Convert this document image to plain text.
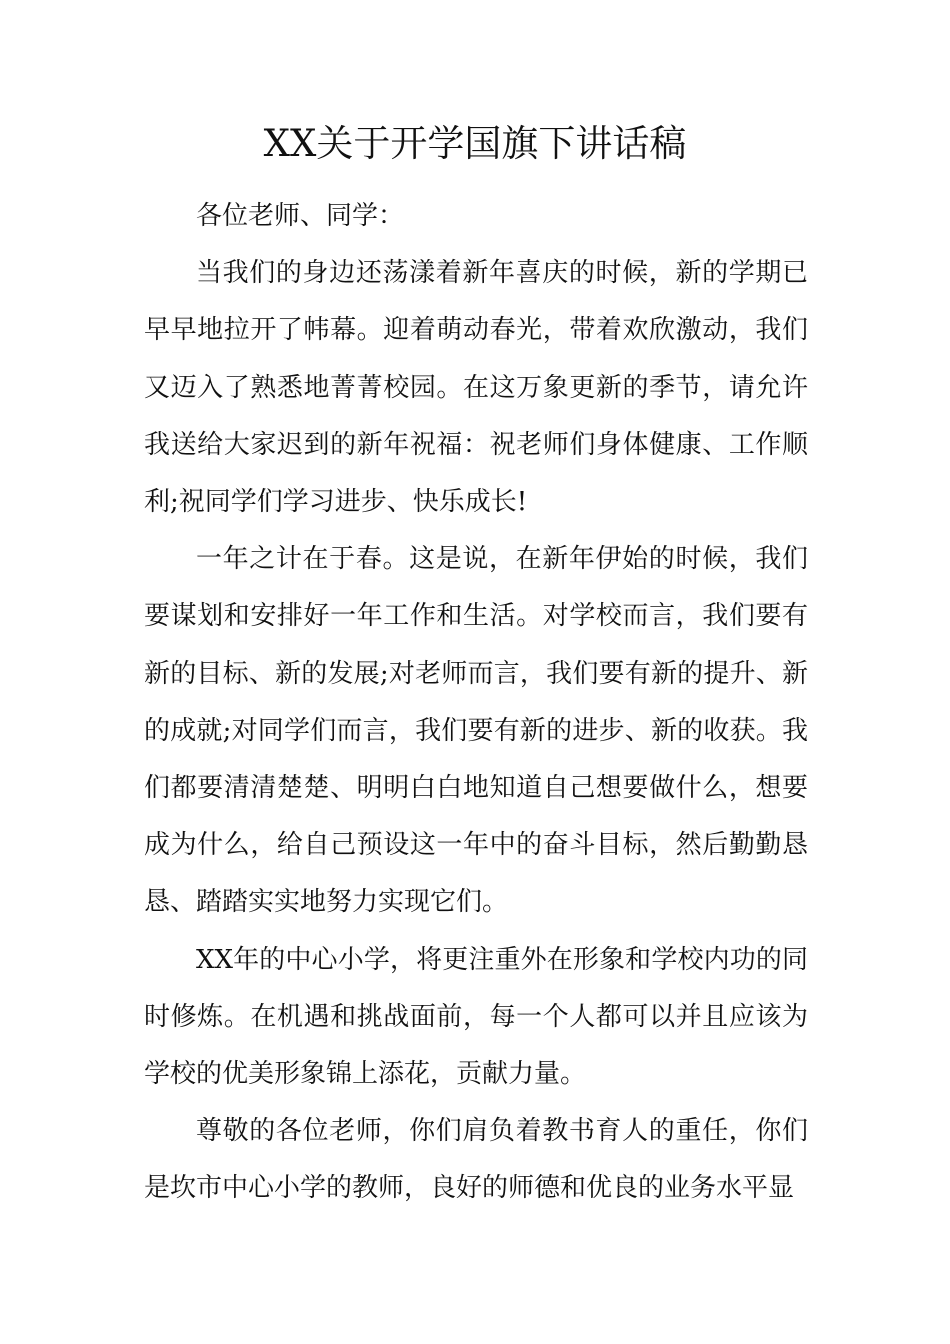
XX关于开学国旗下讲话稿

各位老师、同学：

当我们的身边还荡漾着新年喜庆的时候，新的学期已早早地拉开了帏幕。迎着萌动春光，带着欢欣激动，我们又迈入了熟悉地菁菁校园。在这万象更新的季节，请允许我送给大家迟到的新年祝福：祝老师们身体健康、工作顺利;祝同学们学习进步、快乐成长!

一年之计在于春。这是说，在新年伊始的时候，我们要谋划和安排好一年工作和生活。对学校而言，我们要有新的目标、新的发展;对老师而言，我们要有新的提升、新的成就;对同学们而言，我们要有新的进步、新的收获。我们都要清清楚楚、明明白白地知道自己想要做什么，想要成为什么，给自己预设这一年中的奋斗目标，然后勤勤恳恳、踏踏实实地努力实现它们。

XX年的中心小学，将更注重外在形象和学校内功的同时修炼。在机遇和挑战面前，每一个人都可以并且应该为学校的优美形象锦上添花，贡献力量。

尊敬的各位老师，你们肩负着教书育人的重任，你们是坎市中心小学的教师，良好的师德和优良的业务水平显
